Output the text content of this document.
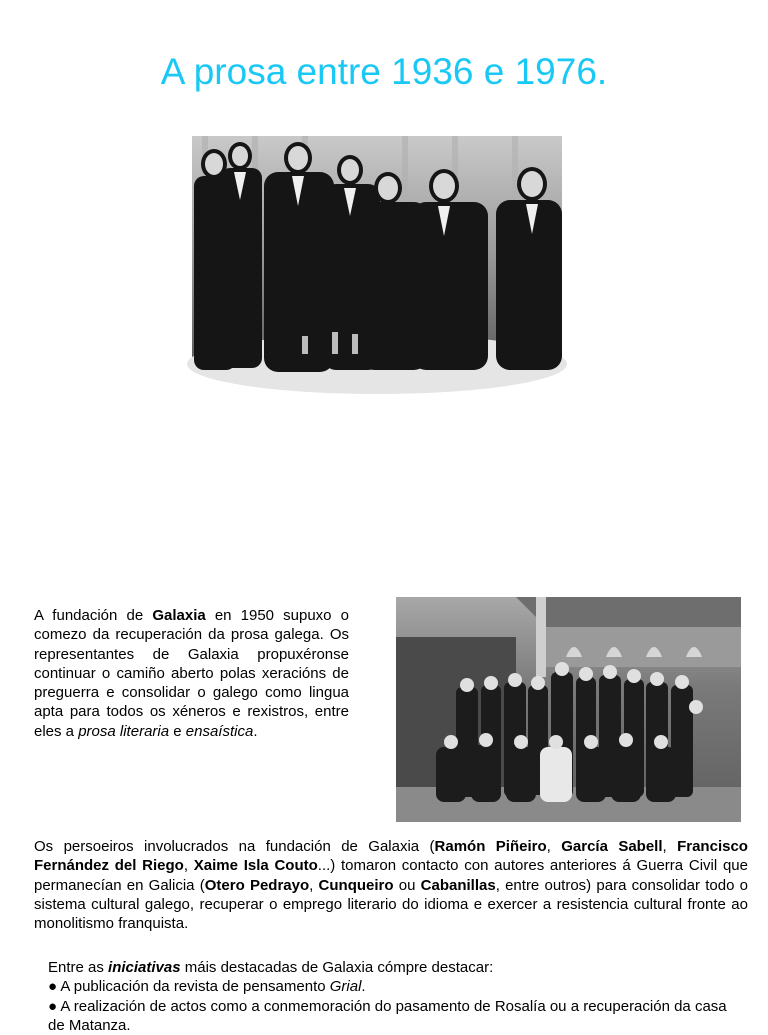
A prosa entre 1936 e 1976.

A fundación de Galaxia en 1950 supuxo o comezo da recuperación da prosa galega. Os representantes de Galaxia propuxéronse continuar o camiño aberto polas xeracións de preguerra e consolidar o galego como lingua apta para todos os xéneros e rexistros, entre eles a prosa literaria e ensaística.

Os persoeiros involucrados na fundación de Galaxia (Ramón Piñeiro, García Sabell, Francisco Fernández del Riego, Xaime Isla Couto...) tomaron contacto con autores anteriores á Guerra Civil que permanecían en Galicia (Otero Pedrayo, Cunqueiro ou Cabanillas, entre outros) para consolidar todo o sistema cultural galego, recuperar o emprego literario do idioma e exercer a resistencia cultural fronte ao monolitismo franquista.

Entre as iniciativas máis destacadas de Galaxia cómpre destacar:

● A publicación da revista de pensamento Grial.

● A realización de actos como a conmemoración do pasamento de Rosalía ou a recuperación da casa de Matanza.
